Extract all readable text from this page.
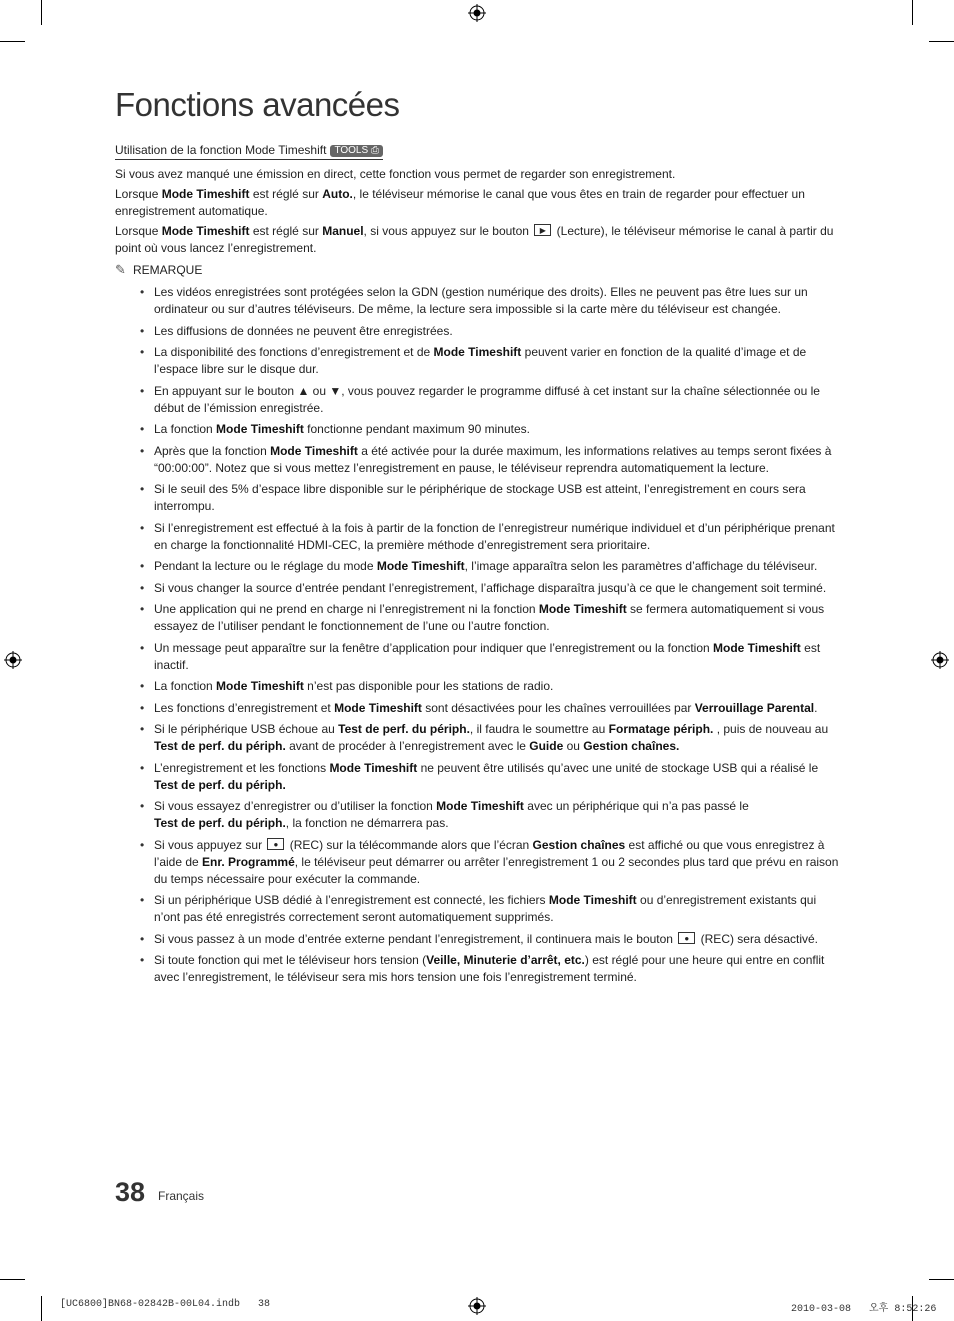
Fonctions avancées
Utilisation de la fonction Mode Timeshift TOOLS ⎙

Si vous avez manqué une émission en direct, cette fonction vous permet de regarder son enregistrement.

Lorsque Mode Timeshift est réglé sur Auto., le téléviseur mémorise le canal que vous êtes en train de regarder pour effectuer un enregistrement automatique.

Lorsque Mode Timeshift est réglé sur Manuel, si vous appuyez sur le bouton ▶ (Lecture), le téléviseur mémorise le canal à partir du point où vous lancez l’enregistrement.

✎ REMARQUE
• Les vidéos enregistrées sont protégées selon la GDN (gestion numérique des droits). Elles ne peuvent pas être lues sur un ordinateur ou sur d’autres téléviseurs. De même, la lecture sera impossible si la carte mère du téléviseur est changée.
• Les diffusions de données ne peuvent être enregistrées.
• La disponibilité des fonctions d’enregistrement et de Mode Timeshift peuvent varier en fonction de la qualité d’image et de l’espace libre sur le disque dur.
• En appuyant sur le bouton ▲ ou ▼, vous pouvez regarder le programme diffusé à cet instant sur la chaîne sélectionnée ou le début de l’émission enregistrée.
• La fonction Mode Timeshift fonctionne pendant maximum 90 minutes.
• Après que la fonction Mode Timeshift a été activée pour la durée maximum, les informations relatives au temps seront fixées à “00:00:00”. Notez que si vous mettez l’enregistrement en pause, le téléviseur reprendra automatiquement la lecture.
• Si le seuil des 5% d’espace libre disponible sur le périphérique de stockage USB est atteint, l’enregistrement en cours sera interrompu.
• Si l’enregistrement est effectué à la fois à partir de la fonction de l’enregistreur numérique individuel et d’un périphérique prenant en charge la fonctionnalité HDMI-CEC, la première méthode d’enregistrement sera prioritaire.
• Pendant la lecture ou le réglage du mode Mode Timeshift, l’image apparaîtra selon les paramètres d’affichage du téléviseur.
• Si vous changer la source d’entrée pendant l’enregistrement, l’affichage disparaîtra jusqu’à ce que le changement soit terminé.
• Une application qui ne prend en charge ni l’enregistrement ni la fonction Mode Timeshift se fermera automatiquement si vous essayez de l’utiliser pendant le fonctionnement de l’une ou l’autre fonction.
• Un message peut apparaître sur la fenêtre d’application pour indiquer que l’enregistrement ou la fonction Mode Timeshift est inactif.
• La fonction Mode Timeshift n’est pas disponible pour les stations de radio.
• Les fonctions d’enregistrement et Mode Timeshift sont désactivées pour les chaînes verrouillées par Verrouillage Parental.
• Si le périphérique USB échoue au Test de perf. du périph., il faudra le soumettre au Formatage périph. , puis de nouveau au
Test de perf. du périph. avant de procéder à l’enregistrement avec le Guide ou Gestion chaînes.
• L’enregistrement et les fonctions Mode Timeshift ne peuvent être utilisés qu’avec une unité de stockage USB qui a réalisé le
Test de perf. du périph.
• Si vous essayez d’enregistrer ou d’utiliser la fonction Mode Timeshift avec un périphérique qui n’a pas passé le
Test de perf. du périph., la fonction ne démarrera pas.
• Si vous appuyez sur	● (REC) sur la télécommande alors que l’écran Gestion chaînes est affiché ou que vous enregistrez à l’aide de Enr. Programmé, le téléviseur peut démarrer ou arrêter l’enregistrement 1 ou 2 secondes plus tard que prévu en raison du temps nécessaire pour exécuter la commande.
• Si un périphérique USB dédié à l’enregistrement est connecté, les fichiers Mode Timeshift ou d’enregistrement existants qui n’ont pas été enregistrés correctement seront automatiquement supprimés.
• Si vous passez à un mode d’entrée externe pendant l’enregistrement, il continuera mais le bouton	● (REC) sera désactivé.
• Si toute fonction qui met le téléviseur hors tension (Veille, Minuterie d’arrêt, etc.) est réglé pour une heure qui entre en conflit avec l’enregistrement, le téléviseur sera mis hors tension une fois l’enregistrement terminé.
38 Français
[UC6800]BN68-02842B-00L04.indb   38	2010-03-08   오후 8:52:26
